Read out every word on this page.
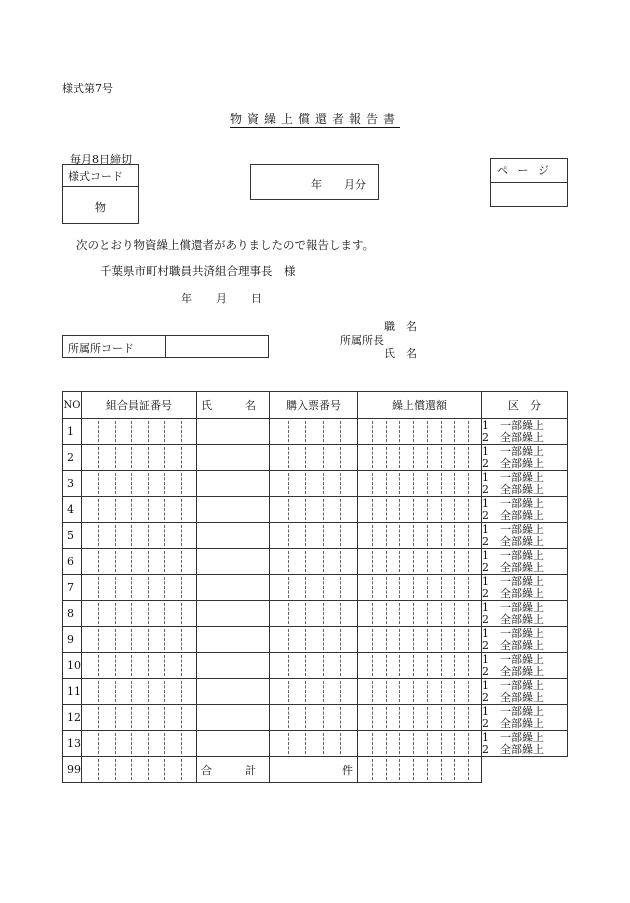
様式第7号
物資繰上償還者報告書
毎月8日締切
様式コード
物
年 月分
ペ ー ジ
次のとおり物資繰上償還者がありましたので報告します。
千葉県市町村職員共済組合理事長　様
年 月 日
所属所コード
職　名
所属所長
氏　名
NO	組合員証番号	氏　　　名	購入票番号	繰上償還額	区　分
1					1　一部繰上
2　全部繰上

2					1　一部繰上
2　全部繰上

3					1　一部繰上
2　全部繰上

4					1　一部繰上
2　全部繰上

5					1　一部繰上
2　全部繰上

6					1　一部繰上
2　全部繰上

7					1　一部繰上
2　全部繰上

8					1　一部繰上
2　全部繰上

9					1　一部繰上
2　全部繰上

10					1　一部繰上
2　全部繰上

11					1　一部繰上
2　全部繰上

12					1　一部繰上
2　全部繰上

13					1　一部繰上
2　全部繰上

99		合　　　計	件		
